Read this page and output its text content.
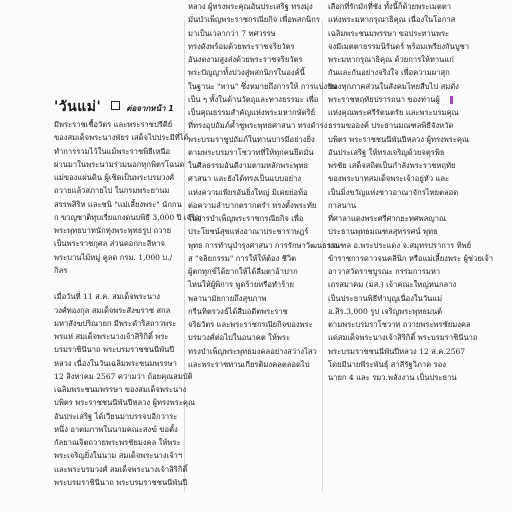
'วันแม่'	ต่อจากหน้า 1
มีพระราชเชื้อวัตร และพระราชปรีดีย์
ของสมเด็จพระนางพัยร เสด็จไปประมีที่ได้
ทำการรวมไว้ในแม้พระราชพิธีเหนือ
ผ่านมาในพระนามร่วมนอกทุกพิตรโฉนด
แม่ของแผ่นดิน ผู้เชิดเป็นพระบรมวงศ์
ถวายแล้วสภายไป ในกรมพระยานม
สรรพสิริห และชนิ "แม่เลี้ยงพระ" นักกน
ก ขวญชาติทุบเรี่ยแกงดนบพิธี 3,000 ปี เจริญ
พระพุทธบาทนักทุ่งพระพุทธรูป ถวาย
เป็นพระราชกุศล ส่วนดอกกะลีหาจ
พระบานไม้หมู่ คูลด กรม. 1,000 บ./
กิลร
เมื่อวันที่ 11 ส.ค. สมเด็จพระนาง
วงศ์ทองกุล สมเด็จพระสังฆราช สกล
มหาสังฆปริณายก มีพระดำริสถาวพระ
พรแห่ สมเด็จพระนางเจ้าสิริกิติ์ พระ
บรมราชินีนาถ พระบรมราชชนนีพันปี
หลวง เนื่องในวันเฉลิมพระชนมพรรษา
12 สิงหาคม 2567 ความว่า ถ้อยคุณสมบัติ
เฉลิมพระชนมพรรษา ของสมเด็จพระนาง
บพิตร พระราชชนนีพันปีหลวง ผู้ทรงพระคุณ
อันประเสริฐ ได้เวียนมาบรรจบอีกวาระ
หนึ่ง อาตมภาพในนามคณะสงฆ์ ขอตั้ง
กัลยาณจิตถวายพระพรชัยมงคล ให้พระ
พระเจริญยิ่งในนาม สมเด็จพระนางเจ้าฯ
และพระบรมวงศ์ สมเด็จพระนางเจ้าสิริกิติ์
พระบรมราชินีนาถ พระบรมราชชนนีพันปี
หลวง ผู้ทรงพระคุณอันประเสริฐ ทรงมุ่ง
มั่นบำเพ็ญพระราชกรณียกิจ เพื่อพสกนิกร
มาเป็นเวลากว่า 7 ทศวรรษ
ทรงดังพร้อมด้วยพระราชจริยวัตร
อันงดงามสูงส่งด้วยพระราชจริยวัตร
พระปัญญาทั้งปวงสู่พสกนิกรในองค์นี้
ในฐานะ "ทาน" ซึ่งหมายถึงการให้ การแบ่งปัน
เป็น ๆ ทั้งในด้านวัตถุและทางธรรมะ เพื่อ
เป็นคุณธรรมสำคัญแห่งพระมหากษัตริย์
ที่ทรงอุปถัมภ์ค้ำชูพระพุทธศาสนา ทรงดำรง
พระบรมราชูปถัมภ์ในทานบารมีอย่างยิ่ง
ตามพระบรมราโชวาทที่ให้ทุกคนยึดมั่น
ในศีลธรรมอันดีงามตามหลักพระพุทธ
ศาสนา และยังได้ทรงเป็นแบบอย่าง
แห่งความเพียรอันยิ่งใหญ่ มิเคยย่อท้อ
ต่อความลำบากตรากตรำ ทรงตั้งพระทัย
ในการบำเพ็ญพระราชกรณียกิจ เพื่อ
ประโยชน์สุขแห่งอาณาประชาราษฎร์
พุทธ การทำนุบำรุงศาสนา การรักษาวัฒนธรรม
ส "จลิยกรรม" การให้ให้ต้อง ชีวิต
ผู้ตกทุกข์ได้ยากให้ได้ลืมตาอ้าปาก
ไหนให้ผู้พิการ พูดร้ายหรือทำร้าย
พลานามัยกายถึงสุขภาพ
กรีนทิตรวงธ์ได้สืบอดีตพระราช
จริยวัตร และพระราชกรณียกิจของพระ
บรมวงศ์ต่อไปในอนาคต ให้พระ
ทรงบำเพ็ญพระพุทธมงคลอย่างสว่างไสว
และพระราชทานเกียรติมงคลตลอดไป
เลือกที่รักมักที่ชัง ทั้งนี้ก็ด้วยพระเมตตา
แห่งพระมหากรุณาธิคุณ เนื่องในโอกาส
เฉลิมพระชนมพรรษา ขอประทานพระ
จงมีเมตตาธรรมนิรันดร์ พร้อมเพรียงกันบูชา
พระมหากรุณาธิคุณ ด้วยการให้ทานแก่
กันและกันอย่างจริงใจ เพื่อความผาสุก
ของทุกภาคส่วนในสังคมไทยสืบไป สมดั่ง
พระราชหฤทัยปรารถนา ของท่านผู้
แห่งคุณพระศรีรัตนตรัย และพระบรมคุณ
ธรรมขอองค์ ประธานมณฑลพิธีจังหวัด
บพิตร พระราชชนนีพันปีหลวง ผู้ทรงพระคุณ
อันประเสริฐ ให้ทรงเจริญด้วยจตุรพิธ
พรชัย เสด็จสถิตเป็นกำลังพระราชหฤทัย
ของพระบาทสมเด็จพระเจ้าอยู่หัว และ
เป็นมิ่งขวัญแห่งชาวอาณาจักรไทยตลอด
กาลนาน
ที่ศาลาแดงพระศรีศากยะทศพลญาณ
ประธานพุทธมณฑลสุทรรศน์ พุทธ
มณฑล อ.พระประแดง จ.สมุทรปราการ ทิพย์
ข้าราชการดาวจนคลีนิก หรือแม่เลี้ยงพระ ผู้ช่วยเจ้า
อาวาสวัดราชบูรณะ กรรมการมหา
เถรสมาคม (มส.) เจ้าคณะใหญ่หนกลาง
เป็นประธานพิธีทำบุญเนื่องในวันแม่
อ.สิร.3,000 รูป เจริญพระพุทธมนต์
ตามพระบรมราโชวาท ถวายพระพรชัยมงคล
แด่สมเด็จพระนางเจ้าสิริกิติ์ พระบรมราชินีนาถ
พระบรมราชชนนีพันปีหลวง 12 ส.ค.2567
โดยมีนายพีระพันธุ์ สาลีรัฐวิภาค รอง
นายก 4 และ รมว.พลังงาน เป็นประธาน
